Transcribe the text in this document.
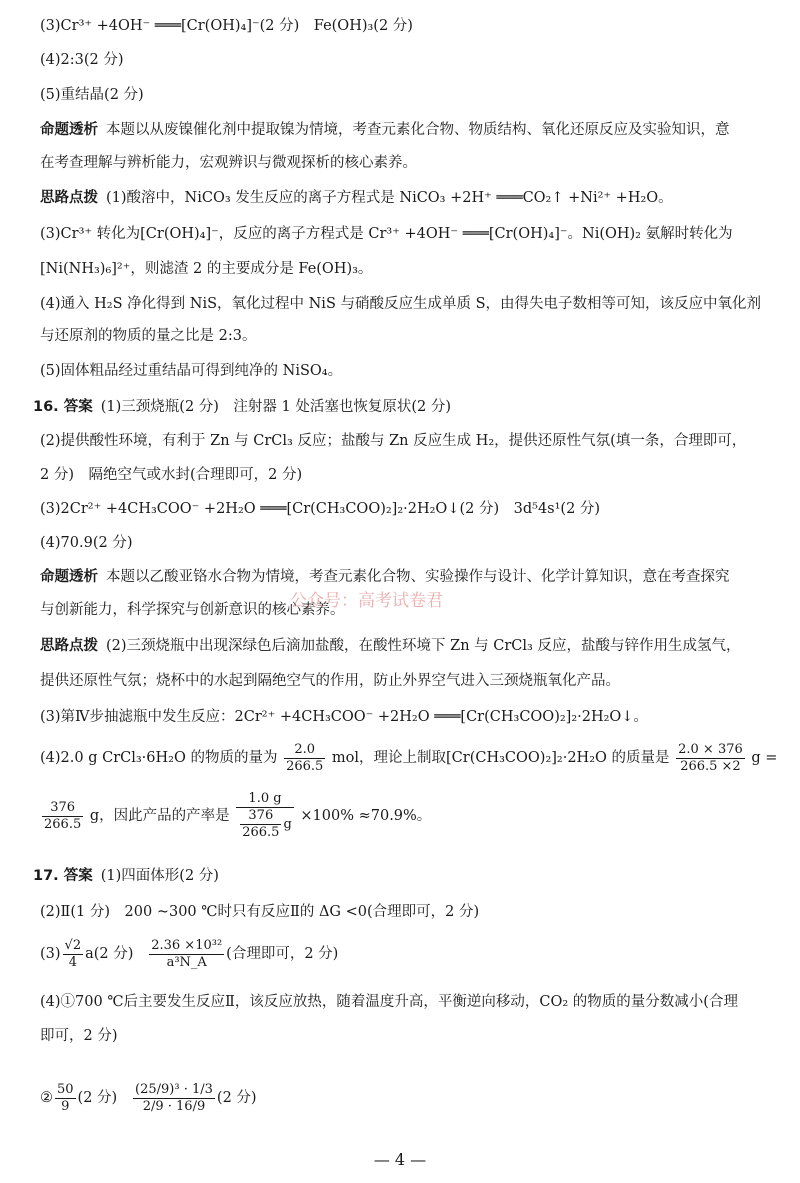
(3)Cr³⁺ +4OH⁻ ═══[Cr(OH)₄]⁻(2 分)　Fe(OH)₃(2 分)
(4)2:3(2 分)
(5)重结晶(2 分)
命题透析 本题以从废镍催化剂中提取镍为情境，考查元素化合物、物质结构、氧化还原反应及实验知识，意
在考查理解与辨析能力，宏观辨识与微观探析的核心素养。
思路点拨 (1)酸溶中，NiCO₃ 发生反应的离子方程式是 NiCO₃ +2H⁺ ═══CO₂↑ +Ni²⁺ +H₂O。
(3)Cr³⁺ 转化为[Cr(OH)₄]⁻，反应的离子方程式是 Cr³⁺ +4OH⁻ ═══[Cr(OH)₄]⁻。Ni(OH)₂ 氨解时转化为
[Ni(NH₃)₆]²⁺，则滤渣 2 的主要成分是 Fe(OH)₃。
(4)通入 H₂S 净化得到 NiS，氧化过程中 NiS 与硝酸反应生成单质 S，由得失电子数相等可知，该反应中氧化剂
与还原剂的物质的量之比是 2:3。
(5)固体粗品经过重结晶可得到纯净的 NiSO₄。
16. 答案 (1)三颈烧瓶(2 分)　注射器 1 处活塞也恢复原状(2 分)
(2)提供酸性环境，有利于 Zn 与 CrCl₃ 反应；盐酸与 Zn 反应生成 H₂，提供还原性气氛(填一条，合理即可，
2 分)　隔绝空气或水封(合理即可，2 分)
(3)2Cr²⁺ +4CH₃COO⁻ +2H₂O ═══[Cr(CH₃COO)₂]₂·2H₂O↓(2 分)　3d⁵4s¹(2 分)
(4)70.9(2 分)
命题透析 本题以乙酸亚铬水合物为情境，考查元素化合物、实验操作与设计、化学计算知识，意在考查探究
与创新能力，科学探究与创新意识的核心素养。
公众号：高考试卷君
思路点拨 (2)三颈烧瓶中出现深绿色后滴加盐酸，在酸性环境下 Zn 与 CrCl₃ 反应，盐酸与锌作用生成氢气，
提供还原性气氛；烧杯中的水起到隔绝空气的作用，防止外界空气进入三颈烧瓶氧化产品。
(3)第Ⅳ步抽滤瓶中发生反应：2Cr²⁺ +4CH₃COO⁻ +2H₂O ═══[Cr(CH₃COO)₂]₂·2H₂O↓。
(4)2.0 g CrCl₃·6H₂O 的物质的量为 $\frac{2.0}{266.5}$ mol，理论上制取[Cr(CH₃COO)₂]₂·2H₂O 的质量是 $\frac{2.0 \times 376}{266.5 \times 2}$ g =
$\frac{376}{266.5}$ g，因此产品的产率是 $\frac{1.0 g}{\frac{376}{266.5} g} \times 100\% \approx 70.9\%$。
17. 答案 (1)四面体形(2 分)
(2)Ⅱ(1 分)　200 ~300 ℃时只有反应Ⅱ的 ΔG <0(合理即可，2 分)
$(3) \frac{√2}{4} a(2$ 分) $\frac{\text{2.36 ×10³²}}{\text{a³N\_A}}$ (合理即可，2 分)
(4)①700 ℃后主要发生反应Ⅱ，该反应放热，随着温度升高，平衡逆向移动，CO₂ 的物质的量分数减小(合理
即可，2 分)
② $\frac{50}{9} (2$ 分) $\frac{\text{(25/9)³ · 1/3}}{2/9 \cdot 16/9} (2$ 分)
— 4 —
